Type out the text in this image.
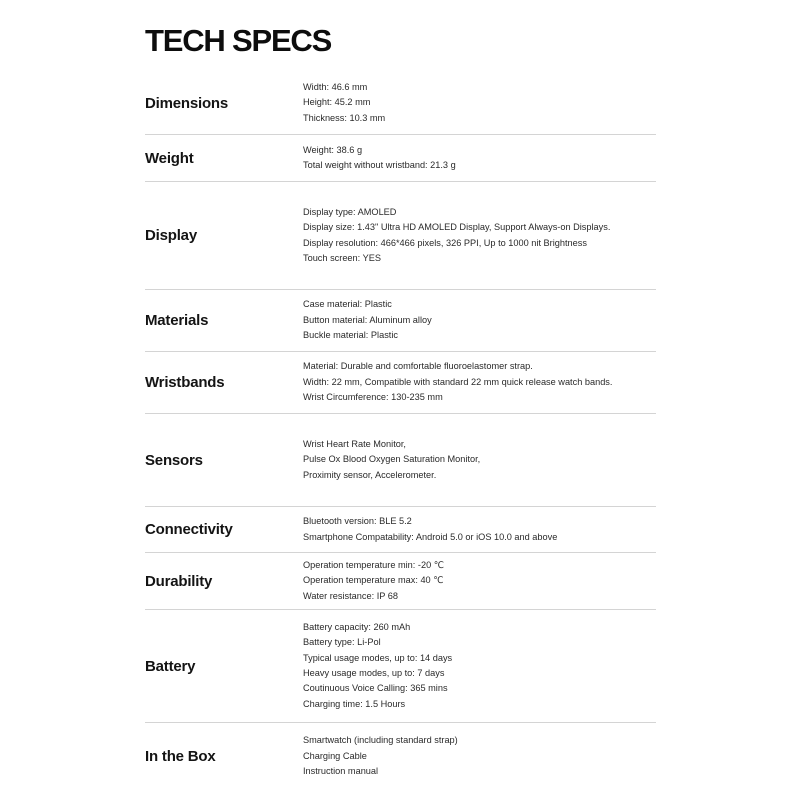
TECH SPECS
Dimensions
Width: 46.6 mm
Height: 45.2 mm
Thickness: 10.3 mm
Weight	Weight: 38.6 g
Total weight without wristband: 21.3 g
Display
Display type: AMOLED
Display size: 1.43" Ultra HD AMOLED Display, Support Always-on Displays.
Display resolution: 466*466 pixels, 326 PPI, Up to 1000 nit Brightness
Touch screen: YES
Materials
Case material: Plastic
Button material: Aluminum alloy
Buckle material: Plastic
Wristbands
Material: Durable and comfortable fluoroelastomer strap.
Width: 22 mm, Compatible with standard 22 mm quick release watch bands.
Wrist Circumference: 130-235 mm
Sensors
Wrist Heart Rate Monitor,
Pulse Ox Blood Oxygen Saturation Monitor,
Proximity sensor, Accelerometer.
Connectivity	Bluetooth version: BLE 5.2
Smartphone Compatability: Android 5.0 or iOS 10.0 and above
Durability
Operation temperature min: -20 ℃
Operation temperature max: 40 ℃
Water resistance: IP 68
Battery
Battery capacity: 260 mAh
Battery type: Li-Pol
Typical usage modes, up to: 14 days
Heavy usage modes, up to: 7 days
Coutinuous Voice Calling: 365 mins
Charging time: 1.5 Hours
In the Box
Smartwatch (including standard strap)
Charging Cable
Instruction manual
